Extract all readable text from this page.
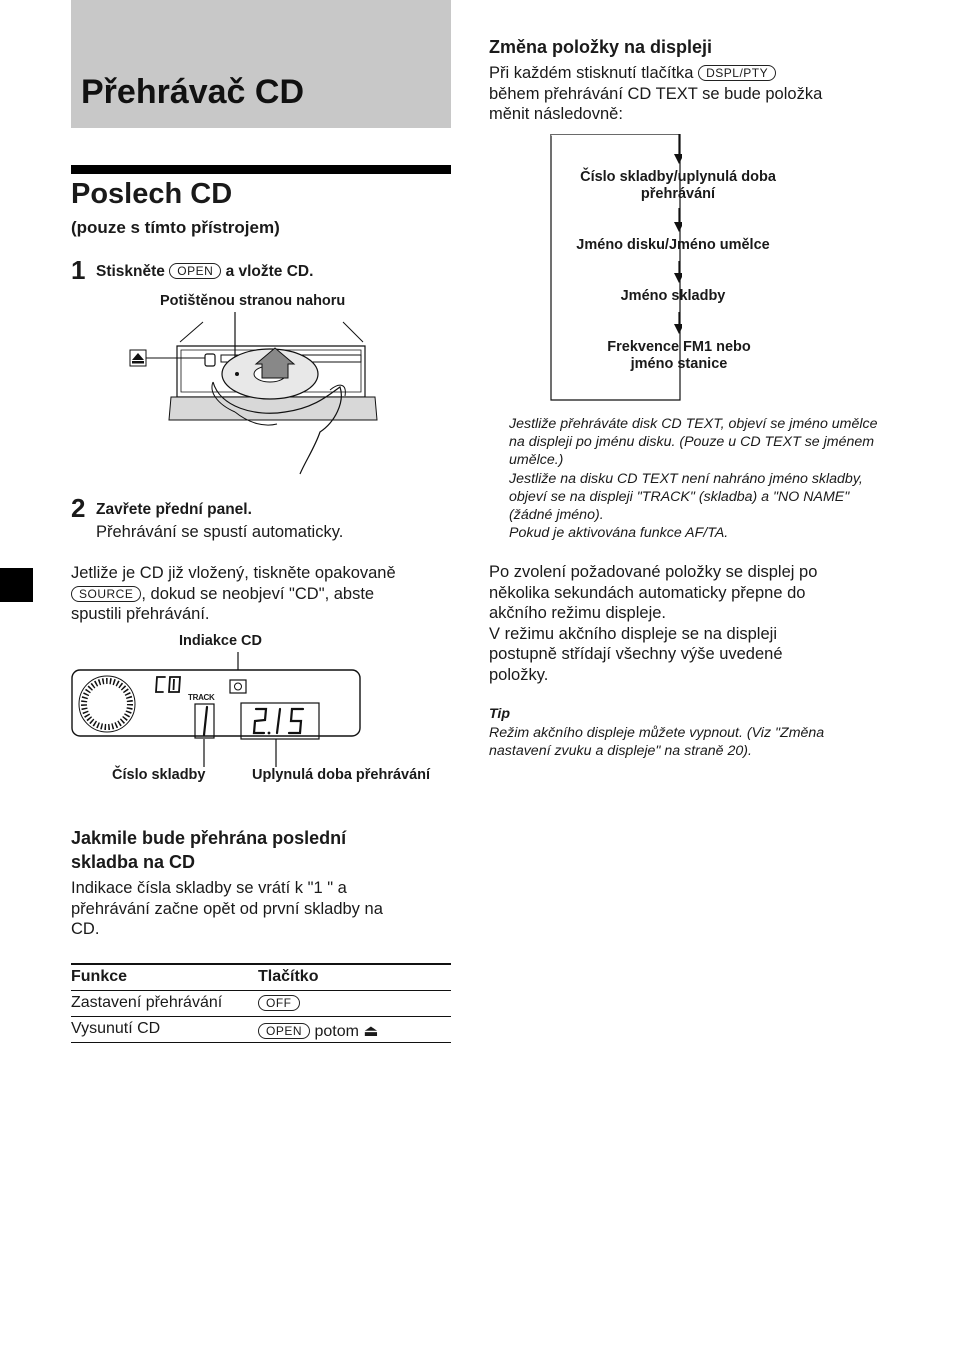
Přehrávač CD
Poslech CD
(pouze s tímto přístrojem)
1 Stiskněte OPEN a vložte CD.
Potištěnou stranou nahoru
2 Zavřete přední panel.
Přehrávání se spustí automaticky.
Jetliže je CD již vložený, tiskněte opakovaně
SOURCE , dokud se neobjeví "CD", abste
spustili přehrávání.
Indiakce CD
TRACK
Číslo skladby	Uplynulá doba přehrávání
Jakmile bude přehrána poslední
skladba na CD
Indikace čísla skladby se vrátí k "1 " a
přehrávání začne opět od první skladby na
CD.
Funkce	Tlačítko
Zastavení přehrávání	OFF
Vysunutí CD	OPEN potom ⏏
Změna položky na displeji
Při každém stisknutí tlačítka DSPL/PTY
během přehrávání CD TEXT se bude položka
měnit následovně:
Číslo skladby/uplynulá doba přehrávání
Jméno disku/Jméno umělce
Jméno skladby
Frekvence FM1 nebo jméno stanice
Jestliže přehráváte disk CD TEXT, objeví se jméno umělce na displeji po jménu disku. (Pouze u CD TEXT se jménem umělce.)
Jestliže na disku CD TEXT není nahráno jméno skladby, objeví se na displeji "TRACK" (skladba) a "NO NAME" (žádné jméno).
Pokud je aktivována funkce AF/TA.
Po zvolení požadované položky se displej po
několika sekundách automaticky přepne do
akčního režimu displeje.
V režimu akčního displeje se na displeji
postupně střídají všechny výše uvedené
položky.
Tip
Režim akčního displeje můžete vypnout. (Viz "Změna nastavení zvuku a displeje" na straně 20).
